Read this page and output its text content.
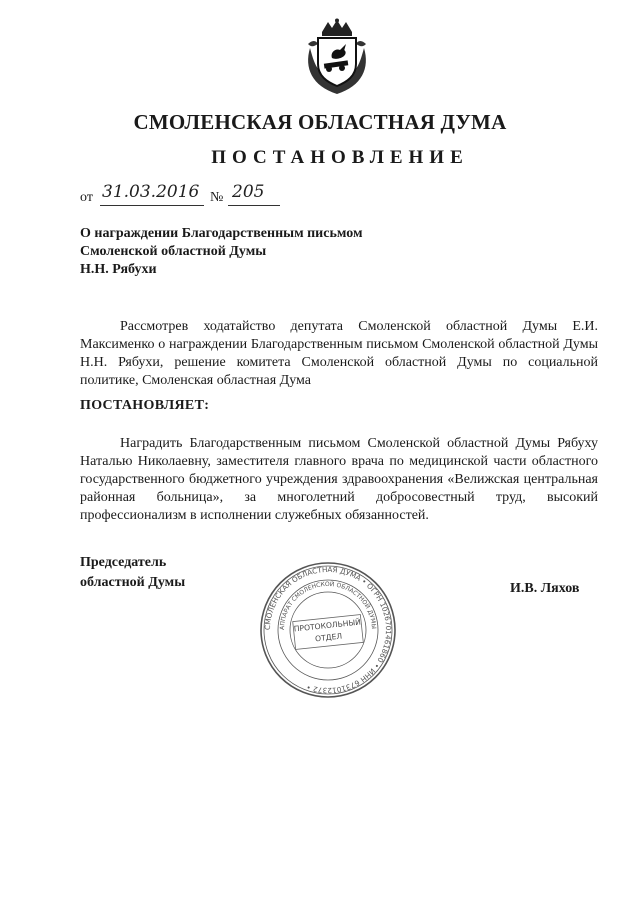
СМОЛЕНСКАЯ ОБЛАСТНАЯ ДУМА
ПОСТАНОВЛЕНИЕ
от 31.03.2016 № 205
О награждении Благодарственным письмом
Смоленской областной Думы
Н.Н. Рябухи
Рассмотрев ходатайство депутата Смоленской областной Думы Е.И. Максименко о награждении Благодарственным письмом Смоленской областной Думы Н.Н. Рябухи, решение комитета Смоленской областной Думы по социальной политике, Смоленская областная Дума
ПОСТАНОВЛЯЕТ:
Наградить Благодарственным письмом Смоленской областной Думы Рябуху Наталью Николаевну, заместителя главного врача по медицинской части областного государственного бюджетного учреждения здравоохранения «Велижская центральная районная больница», за многолетний добросовестный труд, высокий профессионализм в исполнении служебных обязанностей.
Председатель
областной Думы
СМОЛЕНСКАЯ ОБЛАСТНАЯ ДУМА • ОГРН 1026701461860 • ИНН 6731012372 •
АППАРАТ СМОЛЕНСКОЙ ОБЛАСТНОЙ ДУМЫ
ПРОТОКОЛЬНЫЙ
ОТДЕЛ
И.В. Ляхов
